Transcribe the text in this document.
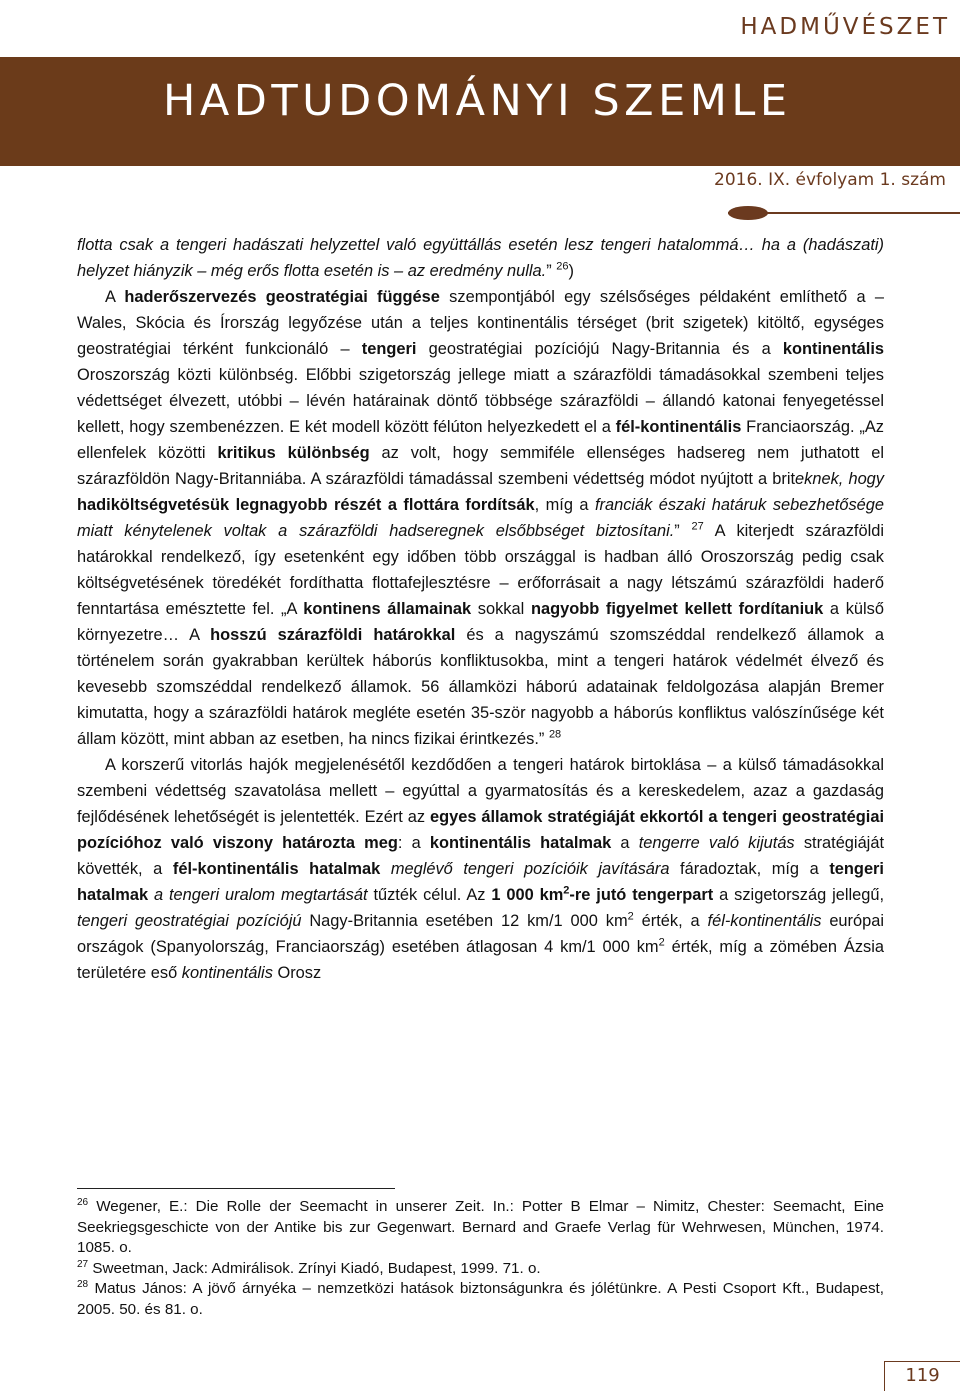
HADMŰVÉSZET
HADTUDOMÁNYI SZEMLE
2016. IX. évfolyam 1. szám

flotta csak a tengeri hadászati helyzettel való együttállás esetén lesz tengeri hatalommá… ha a (hadászati) helyzet hiányzik – még erős flotta esetén is – az eredmény nulla.” $^{26}$)

A haderőszervezés geostratégiai függése szempontjából egy szélsőséges példaként említhető a – Wales, Skócia és Írország legyőzése után a teljes kontinentális térséget (brit szigetek) kitöltő, egységes geostratégiai térként funkcionáló – tengeri geostratégiai pozíciójú Nagy-Britannia és a kontinentális Oroszország közti különbség. Előbbi szigetország jellege miatt a szárazföldi támadásokkal szembeni teljes védettséget élvezett, utóbbi – lévén határainak döntő többsége szárazföldi – állandó katonai fenyegetéssel kellett, hogy szembenézzen. E két modell között félúton helyezkedett el a fél-kontinentális Franciaország. „Az ellenfelek közötti kritikus különbség az volt, hogy semmiféle ellenséges hadsereg nem juthatott el szárazföldön Nagy-Britanniába. A szárazföldi támadással szembeni védettség módot nyújtott a briteknek, hogy hadiköltségvetésük legnagyobb részét a flottára fordítsák, míg a franciák északi határuk sebezhetősége miatt kénytelenek voltak a szárazföldi hadseregnek elsőbbséget biztosítani.” $^{27}$ A kiterjedt szárazföldi határokkal rendelkező, így esetenként egy időben több országgal is hadban álló Oroszország pedig csak költségvetésének töredékét fordíthatta flottafejlesztésre – erőforrásait a nagy létszámú szárazföldi haderő fenntartása emésztette fel. „A kontinens államainak sokkal nagyobb figyelmet kellett fordítaniuk a külső környezetre… A hosszú szárazföldi határokkal és a nagyszámú szomszéddal rendelkező államok a történelem során gyakrabban kerültek háborús konfliktusokba, mint a tengeri határok védelmét élvező és kevesebb szomszéddal rendelkező államok. 56 államközi háború adatainak feldolgozása alapján Bremer kimutatta, hogy a szárazföldi határok megléte esetén 35-ször nagyobb a háborús konfliktus valószínűsége két állam között, mint abban az esetben, ha nincs fizikai érintkezés.” $^{28}$

A korszerű vitorlás hajók megjelenésétől kezdődően a tengeri határok birtoklása – a külső támadásokkal szembeni védettség szavatolása mellett – egyúttal a gyarmatosítás és a kereskedelem, azaz a gazdaság fejlődésének lehetőségét is jelentették. Ezért az egyes államok stratégiáját ekkortól a tengeri geostratégiai pozícióhoz való viszony határozta meg: a kontinentális hatalmak a tengerre való kijutás stratégiáját követték, a fél-kontinentális hatalmak meglévő tengeri pozícióik javítására fáradoztak, míg a tengeri hatalmak a tengeri uralom megtartását tűzték célul. Az 1 000 $km^2-re$ jutó tengerpart a szigetország jellegű, tengeri geostratégiai pozíciójú Nagy-Britannia esetében 12 km/1 000 $km^2$ érték, a fél-kontinentális európai országok (Spanyolország, Franciaország) esetében átlagosan 4 km/1 000 $km^2$ érték, míg a zömében Ázsia területére eső kontinentális Orosz

$^{26}$ Wegener, E.: Die Rolle der Seemacht in unserer Zeit. In.: Potter B Elmar – Nimitz, Chester: Seemacht, Eine Seekriegsgeschicte von der Antike bis zur Gegenwart. Bernard and Graefe Verlag für Wehrwesen, München, 1974. 1085. o.

$^{27}$ Sweetman, Jack: Admirálisok. Zrínyi Kiadó, Budapest, 1999. 71. o.

$^{28}$ Matus János: A jövő árnyéka – nemzetközi hatások biztonságunkra és jólétünkre. A Pesti Csoport Kft., Budapest, 2005. 50. és 81. o.

119
